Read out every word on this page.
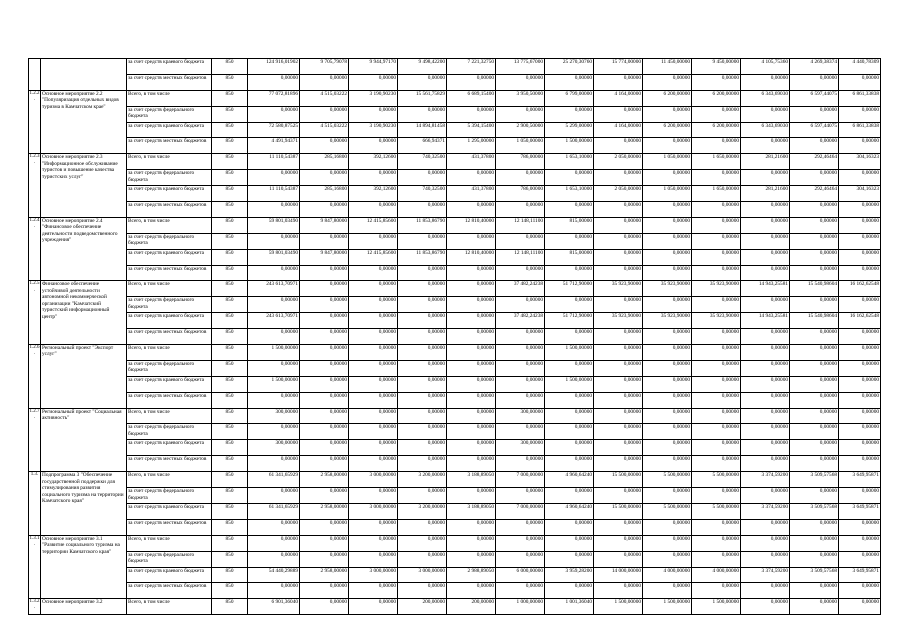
		за счет средств краевого бюджета	850	124 916,01902	9 705,79078	9 944,97170	9 498,42200	7 221,32750	13 775,67000	25 270,30760	15 774,00000	11 450,00000	9 450,00000	4 105,75360	4 269,38374	4 440,78309
		за счет средств местных бюджетов	850	0,00000	0,00000	0,00000	0,00000	0,00000	0,00000	0,00000	0,00000	0,00000	0,00000	0,00000	0,00000	0,00000
1.2.2.	Основное мероприятие 2.2 "Популяризация отдельных видов туризма в Камчатском крае"	Всего, в том числе	850	77 072,81896	4 515,03222	3 190,90230	15 561,75829	6 689,15400	3 950,50000	6 799,00000	4 164,00000	6 200,00000	6 200,00000	6 343,69030	6 597,44075	6 861,33838
		за счет средств федерального бюджета	850	0,00000	0,00000	0,00000	0,00000	0,00000	0,00000	0,00000	0,00000	0,00000	0,00000	0,00000	0,00000	0,00000
		за счет средств краевого бюджета	850	72 580,87525	4 515,03222	3 190,90230	14 894,81458	5 394,15400	2 900,50000	5 299,00000	4 164,00000	6 200,00000	6 200,00000	6 343,69030	6 597,44075	6 861,33838
		за счет средств местных бюджетов	850	4 491,94371	0,00000	0,00000	666,94371	1 295,00000	1 050,00000	1 500,00000	0,00000	0,00000	0,00000	0,00000	0,00000	0,00000
1.2.3.	Основное мероприятие 2.3 "Информационное обслуживание туристов и повышение качества туристских услуг"	Всего, в том числе	850	11 110,54387	285,16800	392,12600	740,32500	431,37800	786,00000	1 653,10000	2 050,00000	1 050,00000	1 650,00000	281,21600	292,46464	304,16323
		за счет средств федерального бюджета	850	0,00000	0,00000	0,00000	0,00000	0,00000	0,00000	0,00000	0,00000	0,00000	0,00000	0,00000	0,00000	0,00000
		за счет средств краевого бюджета	850	11 110,54387	285,16800	392,12600	740,32500	431,37800	786,00000	1 653,10000	2 050,00000	1 050,00000	1 650,00000	281,21600	292,46464	304,16323
		за счет средств местных бюджетов	850	0,00000	0,00000	0,00000	0,00000	0,00000	0,00000	0,00000	0,00000	0,00000	0,00000	0,00000	0,00000	0,00000
1.2.4.	Основное мероприятие 2.4 "Финансовое обеспечение деятельности подведомственного учреждения"	Всего, в том числе	850	59 801,03490	9 847,80000	12 415,85600	11 853,86790	12 810,40000	12 148,11100	815,00000	0,00000	0,00000	0,00000	0,00000	0,00000	0,00000
		за счет средств федерального бюджета	850	0,00000	0,00000	0,00000	0,00000	0,00000	0,00000	0,00000	0,00000	0,00000	0,00000	0,00000	0,00000	0,00000
		за счет средств краевого бюджета	850	59 801,03490	9 847,80000	12 415,85600	11 853,86790	12 810,40000	12 148,11100	815,00000	0,00000	0,00000	0,00000	0,00000	0,00000	0,00000
		за счет средств местных бюджетов	850	0,00000	0,00000	0,00000	0,00000	0,00000	0,00000	0,00000	0,00000	0,00000	0,00000	0,00000	0,00000	0,00000
1.2.5.	Финансовое обеспечение устойчивой деятельности автономной некоммерческой организации "Камчатский туристский информационный центр"	Всего, в том числе	850	243 613,70971	0,00000	0,00000	0,00000	0,00000	37 482,24238	51 712,90000	35 923,90000	35 923,90000	35 923,90000	14 943,25581	15 540,98604	16 162,62548
		за счет средств федерального бюджета	850	0,00000	0,00000	0,00000	0,00000	0,00000	0,00000	0,00000	0,00000	0,00000	0,00000	0,00000	0,00000	0,00000
		за счет средств краевого бюджета	850	243 613,70971	0,00000	0,00000	0,00000	0,00000	37 482,24238	51 712,90000	35 923,90000	35 923,90000	35 923,90000	14 943,25581	15 540,98604	16 162,62548
		за счет средств местных бюджетов	850	0,00000	0,00000	0,00000	0,00000	0,00000	0,00000	0,00000	0,00000	0,00000	0,00000	0,00000	0,00000	0,00000
1.2.6.	Региональный проект "Экспорт услуг"	Всего, в том числе	850	1 500,00000	0,00000	0,00000	0,00000	0,00000	0,00000	1 500,00000	0,00000	0,00000	0,00000	0,00000	0,00000	0,00000
		за счет средств федерального бюджета	850	0,00000	0,00000	0,00000	0,00000	0,00000	0,00000	0,00000	0,00000	0,00000	0,00000	0,00000	0,00000	0,00000
		за счет средств краевого бюджета	850	1 500,00000	0,00000	0,00000	0,00000	0,00000	0,00000	1 500,00000	0,00000	0,00000	0,00000	0,00000	0,00000	0,00000
		за счет средств местных бюджетов	850	0,00000	0,00000	0,00000	0,00000	0,00000	0,00000	0,00000	0,00000	0,00000	0,00000	0,00000	0,00000	0,00000
1.2.7.	Региональный проект "Социальная активность"	Всего, в том числе	850	300,00000	0,00000	0,00000	0,00000	0,00000	300,00000	0,00000	0,00000	0,00000	0,00000	0,00000	0,00000	0,00000
		за счет средств федерального бюджета	850	0,00000	0,00000	0,00000	0,00000	0,00000	0,00000	0,00000	0,00000	0,00000	0,00000	0,00000	0,00000	0,00000
		за счет средств краевого бюджета	850	300,00000	0,00000	0,00000	0,00000	0,00000	300,00000	0,00000	0,00000	0,00000	0,00000	0,00000	0,00000	0,00000
		за счет средств местных бюджетов	850	0,00000	0,00000	0,00000	0,00000	0,00000	0,00000	0,00000	0,00000	0,00000	0,00000	0,00000	0,00000	0,00000
1.3.	Подпрограмма 3 "Обеспечение государственной поддержки для стимулирования развития социального туризма на территории Камчатского края"	Всего, в том числе	850	61 341,65929	2 958,00000	3 000,00000	3 200,00000	3 188,89050	7 000,00000	4 960,64240	15 500,00000	5 500,00000	5 500,00000	3 374,59200	3 509,57568	3 649,95871
		за счет средств федерального бюджета	850	0,00000	0,00000	0,00000	0,00000	0,00000	0,00000	0,00000	0,00000	0,00000	0,00000	0,00000	0,00000	0,00000
		за счет средств краевого бюджета	850	61 341,65929	2 958,00000	3 000,00000	3 200,00000	3 188,89050	7 000,00000	4 960,64240	15 500,00000	5 500,00000	5 500,00000	3 374,59200	3 509,57568	3 649,95871
		за счет средств местных бюджетов	850	0,00000	0,00000	0,00000	0,00000	0,00000	0,00000	0,00000	0,00000	0,00000	0,00000	0,00000	0,00000	0,00000
1.3.1.	Основное мероприятие 3.1 "Развитие социального туризма на территории Камчатского края"	Всего, в том числе	850	0,00000	0,00000	0,00000	0,00000	0,00000	0,00000	0,00000	0,00000	0,00000	0,00000	0,00000	0,00000	0,00000
		за счет средств федерального бюджета	850	0,00000	0,00000	0,00000	0,00000	0,00000	0,00000	0,00000	0,00000	0,00000	0,00000	0,00000	0,00000	0,00000
		за счет средств краевого бюджета	850	54 440,29889	2 958,00000	3 000,00000	3 000,00000	2 988,89050	6 000,00000	3 959,28200	14 000,00000	4 000,00000	4 000,00000	3 374,59200	3 509,57568	3 649,95871
		за счет средств местных бюджетов	850	0,00000	0,00000	0,00000	0,00000	0,00000	0,00000	0,00000	0,00000	0,00000	0,00000	0,00000	0,00000	0,00000
1.3.2.	Основное мероприятие 3.2	Всего, в том числе	850	6 901,36040	0,00000	0,00000	200,00000	200,00000	1 000,00000	1 001,36040	1 500,00000	1 500,00000	1 500,00000	0,00000	0,00000	0,00000
